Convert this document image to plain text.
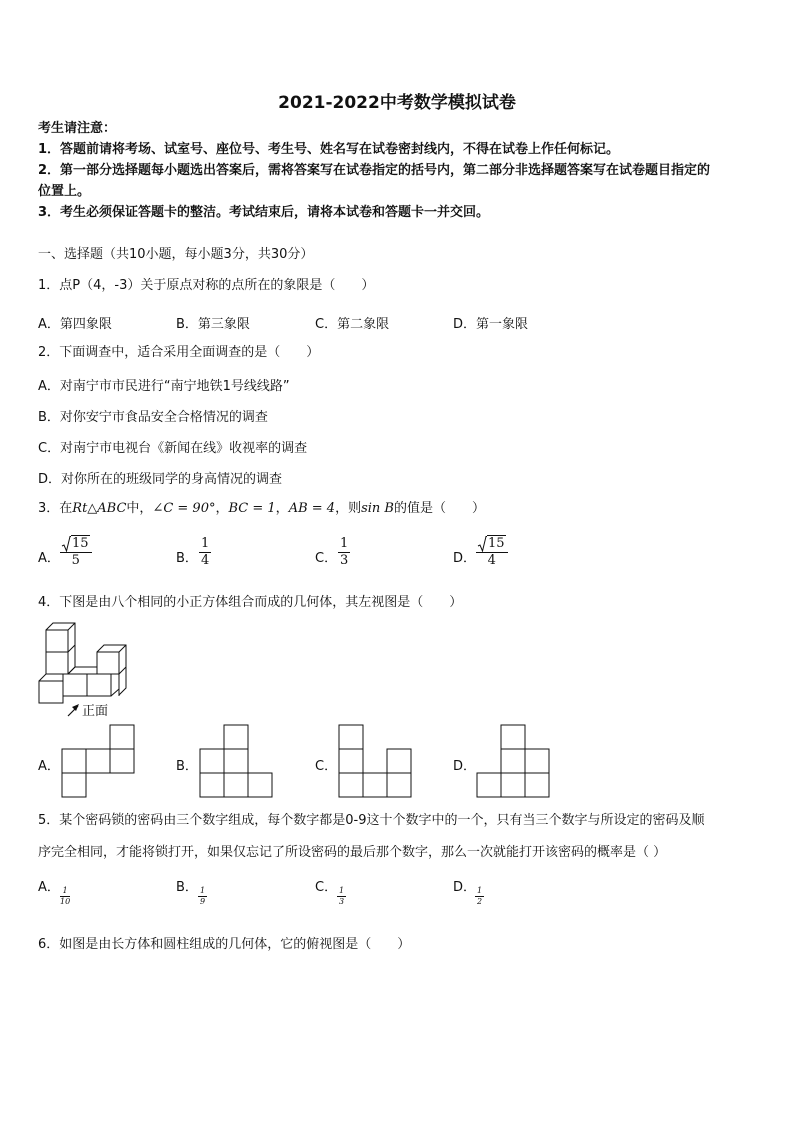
2021-2022中考数学模拟试卷
考生请注意：
1．答题前请将考场、试室号、座位号、考生号、姓名写在试卷密封线内，不得在试卷上作任何标记。
2．第一部分选择题每小题选出答案后，需将答案写在试卷指定的括号内，第二部分非选择题答案写在试卷题目指定的
位置上。
3．考生必须保证答题卡的整洁。考试结束后，请将本试卷和答题卡一并交回。
一、选择题（共10小题，每小题3分，共30分）
1．点P（4，-3）关于原点对称的点所在的象限是（　　）
A．第四象限	B．第三象限	C．第二象限	D．第一象限
2．下面调查中，适合采用全面调查的是（　　）
A．对南宁市市民进行“南宁地铁1号线线路”
B．对你安宁市食品安全合格情况的调查
C．对南宁市电视台《新闻在线》收视率的调查
D．对你所在的班级同学的身高情况的调查
3．在Rt△ABC中，∠C = 90°，BC = 1，AB = 4，则sin B的值是（　　）
A．
15
5	B．
1
4	C．
1
3	D．
15
4
4．下图是由八个相同的小正方体组合而成的几何体，其左视图是（　　）
正面
A．	B．	C．	D．
5．某个密码锁的密码由三个数字组成，每个数字都是0-9这十个数字中的一个，只有当三个数字与所设定的密码及顺
序完全相同，才能将锁打开，如果仅忘记了所设密码的最后那个数字，那么一次就能打开该密码的概率是（ ）
A． 1
10
B． 1
9
C． 1
3
D． 1
2
6．如图是由长方体和圆柱组成的几何体，它的俯视图是（　　）
